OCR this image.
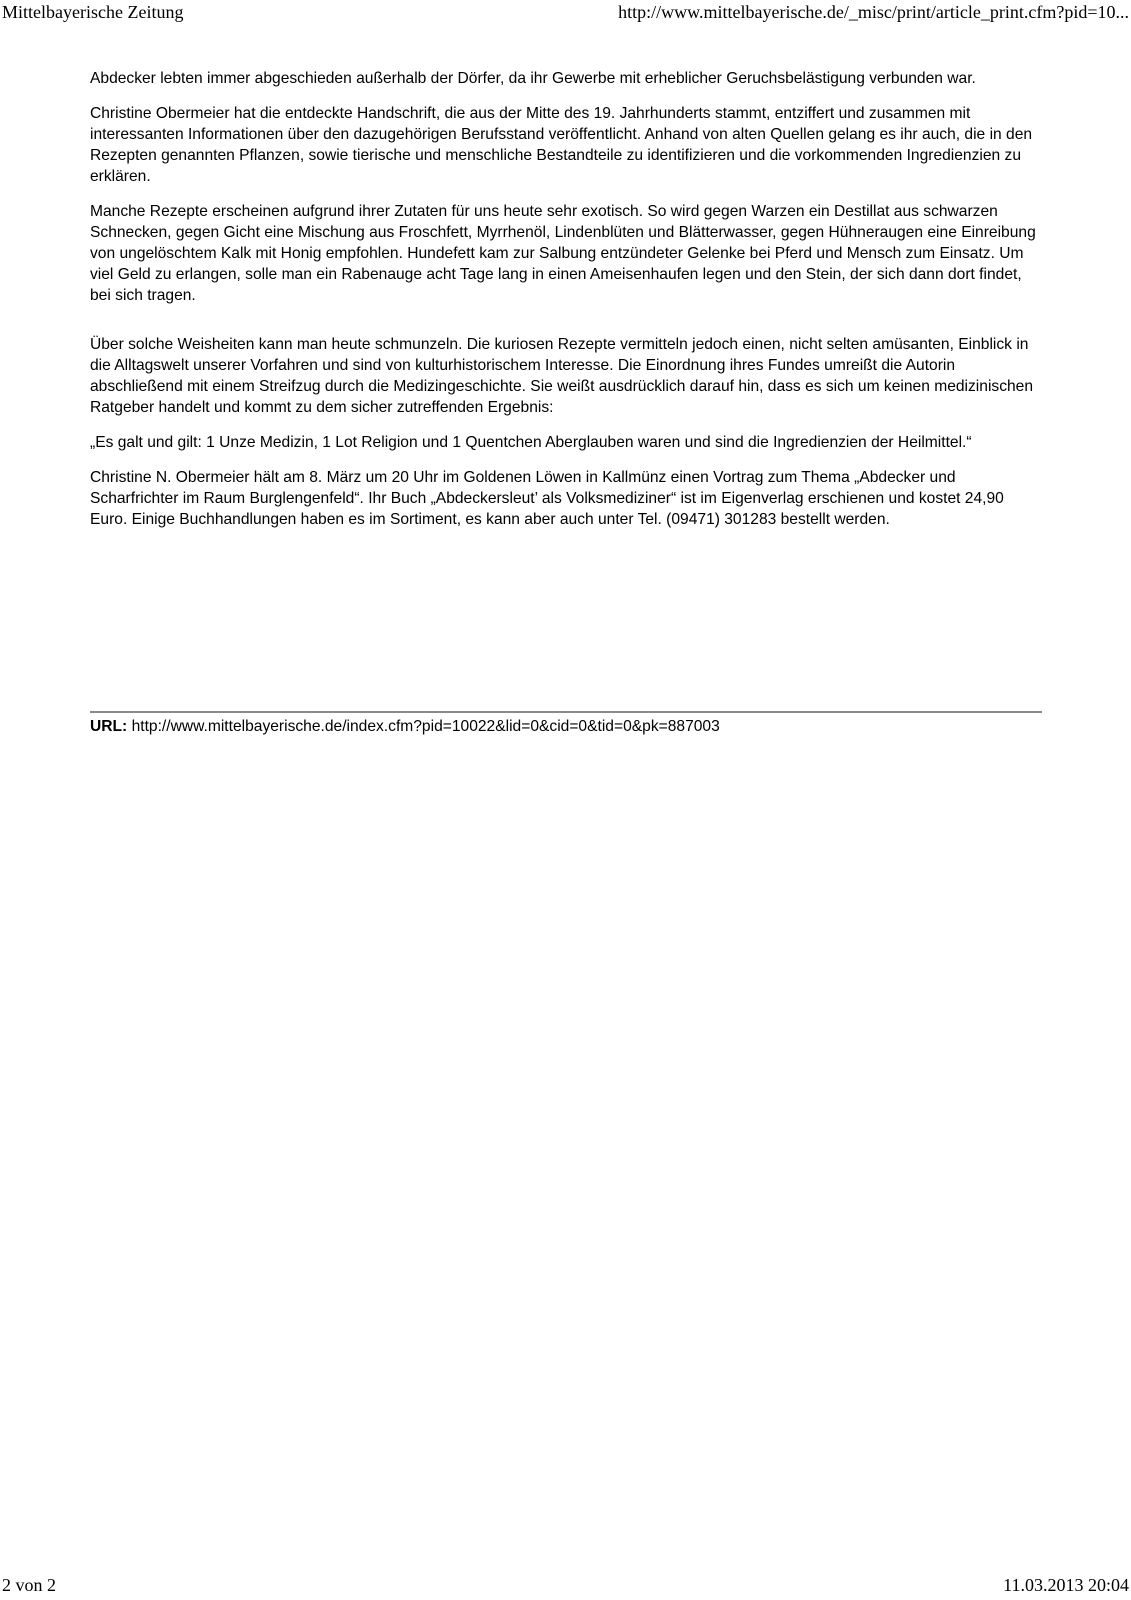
Mittelbayerische Zeitung	http://www.mittelbayerische.de/_misc/print/article_print.cfm?pid=10...

Abdecker lebten immer abgeschieden außerhalb der Dörfer, da ihr Gewerbe mit erheblicher Geruchsbelästigung verbunden war.

Christine Obermeier hat die entdeckte Handschrift, die aus der Mitte des 19. Jahrhunderts stammt, entziffert und zusammen mit interessanten Informationen über den dazugehörigen Berufsstand veröffentlicht. Anhand von alten Quellen gelang es ihr auch, die in den Rezepten genannten Pflanzen, sowie tierische und menschliche Bestandteile zu identifizieren und die vorkommenden Ingredienzien zu erklären.

Manche Rezepte erscheinen aufgrund ihrer Zutaten für uns heute sehr exotisch. So wird gegen Warzen ein Destillat aus schwarzen Schnecken, gegen Gicht eine Mischung aus Froschfett, Myrrhenöl, Lindenblüten und Blätterwasser, gegen Hühneraugen eine Einreibung von ungelöschtem Kalk mit Honig empfohlen. Hundefett kam zur Salbung entzündeter Gelenke bei Pferd und Mensch zum Einsatz. Um viel Geld zu erlangen, solle man ein Rabenauge acht Tage lang in einen Ameisenhaufen legen und den Stein, der sich dann dort findet, bei sich tragen.

Über solche Weisheiten kann man heute schmunzeln. Die kuriosen Rezepte vermitteln jedoch einen, nicht selten amüsanten, Einblick in die Alltagswelt unserer Vorfahren und sind von kulturhistorischem Interesse. Die Einordnung ihres Fundes umreißt die Autorin abschließend mit einem Streifzug durch die Medizingeschichte. Sie weißt ausdrücklich darauf hin, dass es sich um keinen medizinischen Ratgeber handelt und kommt zu dem sicher zutreffenden Ergebnis:

„Es galt und gilt: 1 Unze Medizin, 1 Lot Religion und 1 Quentchen Aberglauben waren und sind die Ingredienzien der Heilmittel.“

Christine N. Obermeier hält am 8. März um 20 Uhr im Goldenen Löwen in Kallmünz einen Vortrag zum Thema „Abdecker und Scharfrichter im Raum Burglengenfeld“. Ihr Buch „Abdeckersleut’ als Volksmediziner“ ist im Eigenverlag erschienen und kostet 24,90 Euro. Einige Buchhandlungen haben es im Sortiment, es kann aber auch unter Tel. (09471) 301283 bestellt werden.

URL: http://www.mittelbayerische.de/index.cfm?pid=10022&lid=0&cid=0&tid=0&pk=887003
2 von 2	11.03.2013 20:04
